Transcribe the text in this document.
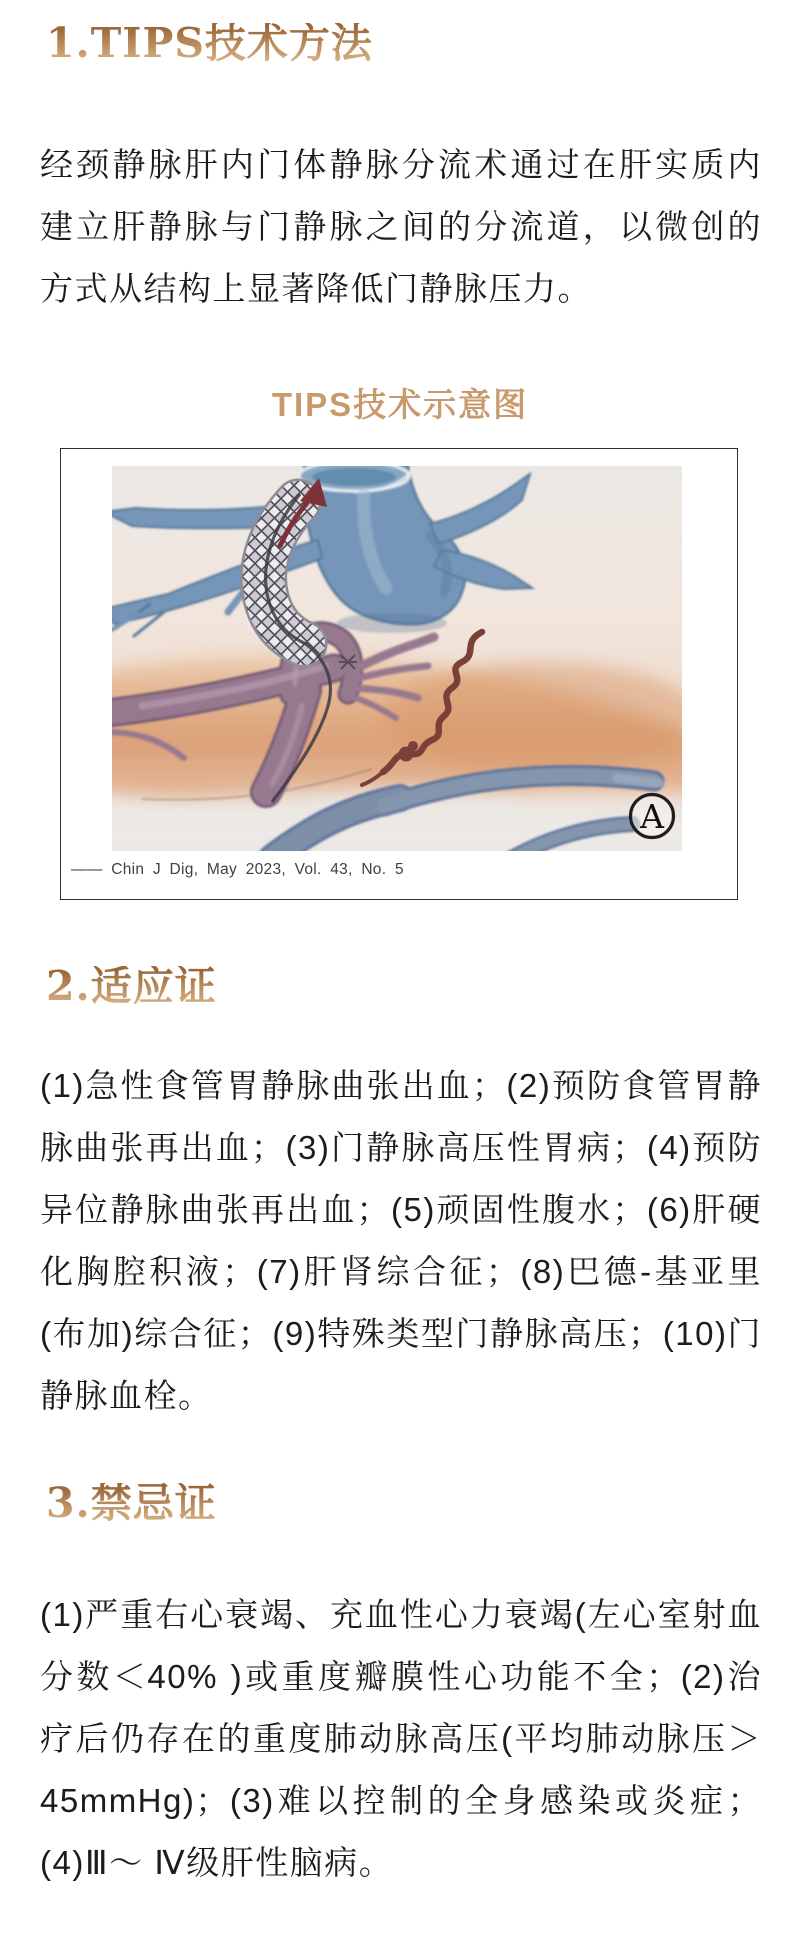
1.TIPS技术方法

经颈静脉肝内门体静脉分流术通过在肝实质内建立肝静脉与门静脉之间的分流道，以微创的方式从结构上显著降低门静脉压力。

TIPS技术示意图

A
—— Chin J Dig, May 2023, Vol. 43, No. 5
2.适应证

(1)急性食管胃静脉曲张出血；(2)预防食管胃静脉曲张再出血；(3)门静脉高压性胃病；(4)预防异位静脉曲张再出血；(5)顽固性腹水；(6)肝硬化胸腔积液；(7)肝肾综合征；(8)巴德-基亚里(布加)综合征；(9)特殊类型门静脉高压；(10)门静脉血栓。

3.禁忌证

(1)严重右心衰竭、充血性心力衰竭(左心室射血分数＜40% )或重度瓣膜性心功能不全；(2)治疗后仍存在的重度肺动脉高压(平均肺动脉压＞45mmHg)；(3)难以控制的全身感染或炎症；(4)Ⅲ～ Ⅳ级肝性脑病。
